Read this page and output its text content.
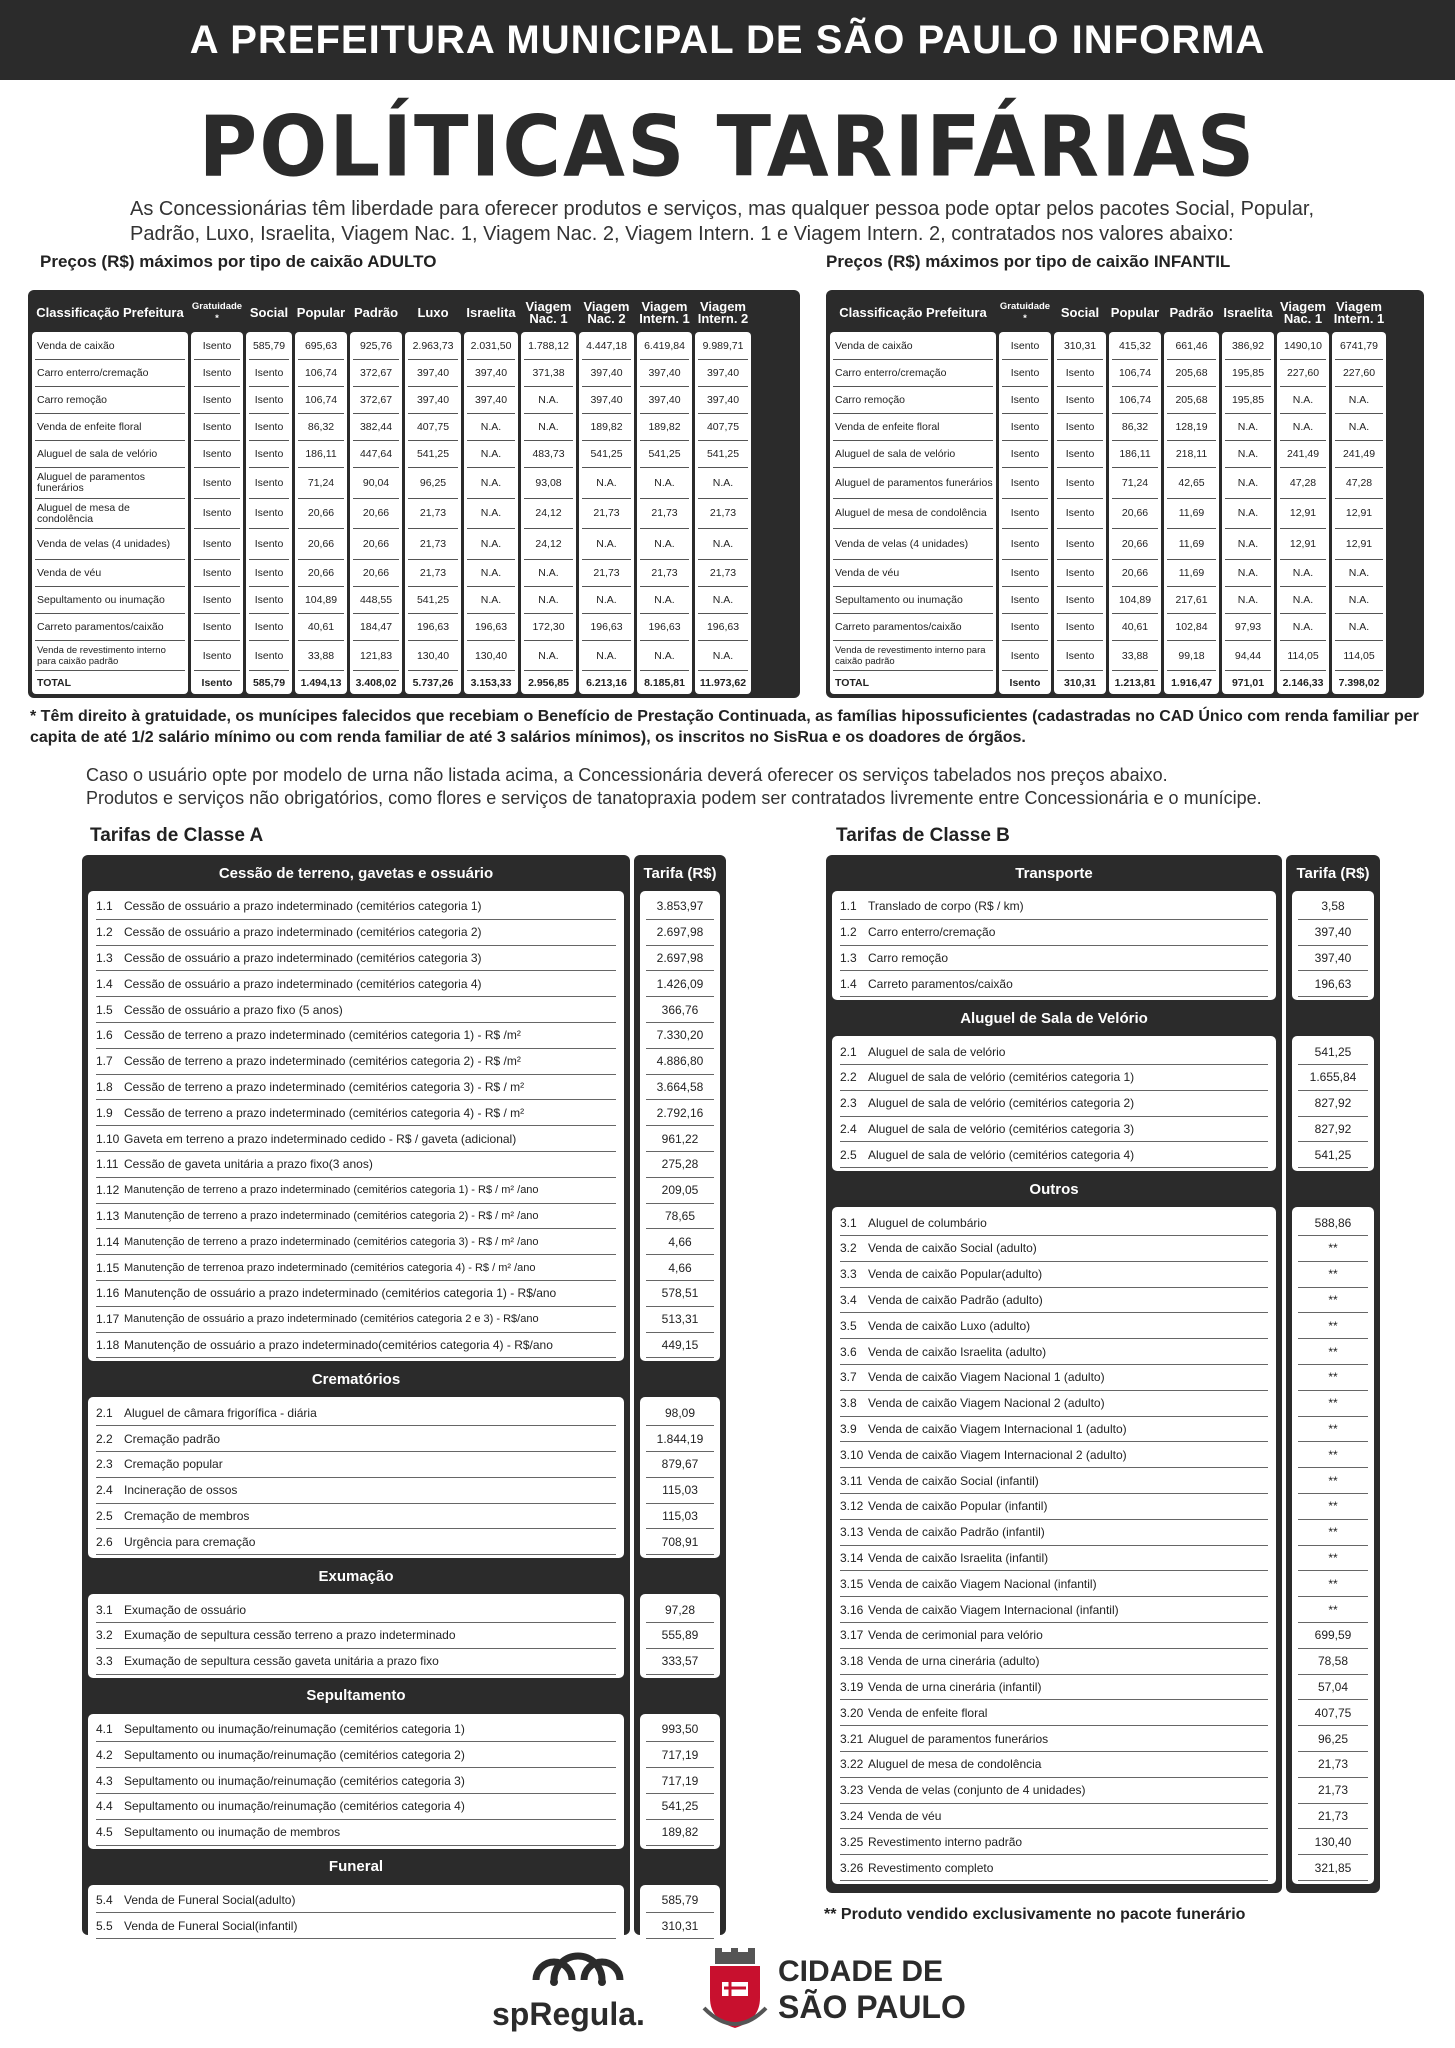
A PREFEITURA MUNICIPAL DE SÃO PAULO INFORMA
POLÍTICAS TARIFÁRIAS
As Concessionárias têm liberdade para oferecer produtos e serviços, mas qualquer pessoa pode optar pelos pacotes Social, Popular, Padrão, Luxo, Israelita, Viagem Nac. 1, Viagem Nac. 2, Viagem Intern. 1 e Viagem Intern. 2, contratados nos valores abaixo:
Preços (R$) máximos por tipo de caixão ADULTO	Preços (R$) máximos por tipo de caixão INFANTIL
Classificação Prefeitura
Venda de caixão
Carro enterro/cremação
Carro remoção
Venda de enfeite floral
Aluguel de sala de velório
Aluguel de paramentos funerários
Aluguel de mesa de condolência
Venda de velas (4 unidades)
Venda de véu
Sepultamento ou inumação
Carreto paramentos/caixão
Venda de revestimento interno para caixão padrão
TOTAL
Gratuidade
*
Isento
Isento
Isento
Isento
Isento
Isento
Isento
Isento
Isento
Isento
Isento
Isento
Isento
Social
585,79
Isento
Isento
Isento
Isento
Isento
Isento
Isento
Isento
Isento
Isento
Isento
585,79
Popular
695,63
106,74
106,74
86,32
186,11
71,24
20,66
20,66
20,66
104,89
40,61
33,88
1.494,13
Padrão
925,76
372,67
372,67
382,44
447,64
90,04
20,66
20,66
20,66
448,55
184,47
121,83
3.408,02
Luxo
2.963,73
397,40
397,40
407,75
541,25
96,25
21,73
21,73
21,73
541,25
196,63
130,40
5.737,26
Israelita
2.031,50
397,40
397,40
N.A.
N.A.
N.A.
N.A.
N.A.
N.A.
N.A.
196,63
130,40
3.153,33
Viagem
Nac. 1
1.788,12
371,38
N.A.
N.A.
483,73
93,08
24,12
24,12
N.A.
N.A.
172,30
N.A.
2.956,85
Viagem
Nac. 2
4.447,18
397,40
397,40
189,82
541,25
N.A.
21,73
N.A.
21,73
N.A.
196,63
N.A.
6.213,16
Viagem
Intern. 1
6.419,84
397,40
397,40
189,82
541,25
N.A.
21,73
N.A.
21,73
N.A.
196,63
N.A.
8.185,81
Viagem
Intern. 2
9.989,71
397,40
397,40
407,75
541,25
N.A.
21,73
N.A.
21,73
N.A.
196,63
N.A.
11.973,62
Classificação Prefeitura
Venda de caixão
Carro enterro/cremação
Carro remoção
Venda de enfeite floral
Aluguel de sala de velório
Aluguel de paramentos funerários
Aluguel de mesa de condolência
Venda de velas (4 unidades)
Venda de véu
Sepultamento ou inumação
Carreto paramentos/caixão
Venda de revestimento interno para caixão padrão
TOTAL
Gratuidade
*
Isento
Isento
Isento
Isento
Isento
Isento
Isento
Isento
Isento
Isento
Isento
Isento
Isento
Social
310,31
Isento
Isento
Isento
Isento
Isento
Isento
Isento
Isento
Isento
Isento
Isento
310,31
Popular
415,32
106,74
106,74
86,32
186,11
71,24
20,66
20,66
20,66
104,89
40,61
33,88
1.213,81
Padrão
661,46
205,68
205,68
128,19
218,11
42,65
11,69
11,69
11,69
217,61
102,84
99,18
1.916,47
Israelita
386,92
195,85
195,85
N.A.
N.A.
N.A.
N.A.
N.A.
N.A.
N.A.
97,93
94,44
971,01
Viagem
Nac. 1
1490,10
227,60
N.A.
N.A.
241,49
47,28
12,91
12,91
N.A.
N.A.
N.A.
114,05
2.146,33
Viagem
Intern. 1
6741,79
227,60
N.A.
N.A.
241,49
47,28
12,91
12,91
N.A.
N.A.
N.A.
114,05
7.398,02
* Têm direito à gratuidade, os munícipes falecidos que recebiam o Benefício de Prestação Continuada, as famílias hipossuficientes (cadastradas no CAD Único com renda familiar per capita de até 1/2 salário mínimo ou com renda familiar de até 3 salários mínimos), os inscritos no SisRua e os doadores de órgãos.
Caso o usuário opte por modelo de urna não listada acima, a Concessionária deverá oferecer os serviços tabelados nos preços abaixo.
Produtos e serviços não obrigatórios, como flores e serviços de tanatopraxia podem ser contratados livremente entre Concessionária e o munícipe.
Tarifas de Classe A	Tarifas de Classe B
Cessão de terreno, gavetas e ossuário
1.1 Cessão de ossuário a prazo indeterminado (cemitérios categoria 1)
1.2 Cessão de ossuário a prazo indeterminado (cemitérios categoria 2)
1.3 Cessão de ossuário a prazo indeterminado (cemitérios categoria 3)
1.4 Cessão de ossuário a prazo indeterminado (cemitérios categoria 4)
1.5 Cessão de ossuário a prazo fixo (5 anos)
1.6 Cessão de terreno a prazo indeterminado (cemitérios categoria 1) - R$ /m²
1.7 Cessão de terreno a prazo indeterminado (cemitérios categoria 2) - R$ /m²
1.8 Cessão de terreno a prazo indeterminado (cemitérios categoria 3) - R$ / m²
1.9 Cessão de terreno a prazo indeterminado (cemitérios categoria 4) - R$ / m²
1.10 Gaveta em terreno a prazo indeterminado cedido - R$ / gaveta (adicional)
1.11 Cessão de gaveta unitária a prazo fixo(3 anos)
1.12 Manutenção de terreno a prazo indeterminado (cemitérios categoria 1) - R$ / m² /ano
1.13 Manutenção de terreno a prazo indeterminado (cemitérios categoria 2) - R$ / m² /ano
1.14 Manutenção de terreno a prazo indeterminado (cemitérios categoria 3) - R$ / m² /ano
1.15 Manutenção de terrenoa prazo indeterminado (cemitérios categoria 4) - R$ / m² /ano
1.16 Manutenção de ossuário a prazo indeterminado (cemitérios categoria 1) - R$/ano
1.17 Manutenção de ossuário a prazo indeterminado (cemitérios categoria 2 e 3) - R$/ano
1.18 Manutenção de ossuário a prazo indeterminado(cemitérios categoria 4) - R$/ano
Crematórios
2.1 Aluguel de câmara frigorífica - diária
2.2 Cremação padrão
2.3 Cremação popular
2.4 Incineração de ossos
2.5 Cremação de membros
2.6 Urgência para cremação
Exumação
3.1 Exumação de ossuário
3.2 Exumação de sepultura cessão terreno a prazo indeterminado
3.3 Exumação de sepultura cessão gaveta unitária a prazo fixo
Sepultamento
4.1 Sepultamento ou inumação/reinumação (cemitérios categoria 1)
4.2 Sepultamento ou inumação/reinumação (cemitérios categoria 2)
4.3 Sepultamento ou inumação/reinumação (cemitérios categoria 3)
4.4 Sepultamento ou inumação/reinumação (cemitérios categoria 4)
4.5 Sepultamento ou inumação de membros
Funeral
5.4 Venda de Funeral Social(adulto)
5.5 Venda de Funeral Social(infantil)
Tarifa (R$)
3.853,97
2.697,98
2.697,98
1.426,09
366,76
7.330,20
4.886,80
3.664,58
2.792,16
961,22
275,28
209,05
78,65
4,66
4,66
578,51
513,31
449,15
98,09
1.844,19
879,67
115,03
115,03
708,91
97,28
555,89
333,57
993,50
717,19
717,19
541,25
189,82
585,79
310,31
Transporte
1.1 Translado de corpo (R$ / km)
1.2 Carro enterro/cremação
1.3 Carro remoção
1.4 Carreto paramentos/caixão
Aluguel de Sala de Velório
2.1 Aluguel de sala de velório
2.2 Aluguel de sala de velório (cemitérios categoria 1)
2.3 Aluguel de sala de velório (cemitérios categoria 2)
2.4 Aluguel de sala de velório (cemitérios categoria 3)
2.5 Aluguel de sala de velório (cemitérios categoria 4)
Outros
3.1 Aluguel de columbário
3.2 Venda de caixão Social (adulto)
3.3 Venda de caixão Popular(adulto)
3.4 Venda de caixão Padrão (adulto)
3.5 Venda de caixão Luxo (adulto)
3.6 Venda de caixão Israelita (adulto)
3.7 Venda de caixão Viagem Nacional 1 (adulto)
3.8 Venda de caixão Viagem Nacional 2 (adulto)
3.9 Venda de caixão Viagem Internacional 1 (adulto)
3.10 Venda de caixão Viagem Internacional 2 (adulto)
3.11 Venda de caixão Social (infantil)
3.12 Venda de caixão Popular (infantil)
3.13 Venda de caixão Padrão (infantil)
3.14 Venda de caixão Israelita (infantil)
3.15 Venda de caixão Viagem Nacional (infantil)
3.16 Venda de caixão Viagem Internacional (infantil)
3.17 Venda de cerimonial para velório
3.18 Venda de urna cinerária (adulto)
3.19 Venda de urna cinerária (infantil)
3.20 Venda de enfeite floral
3.21 Aluguel de paramentos funerários
3.22 Aluguel de mesa de condolência
3.23 Venda de velas (conjunto de 4 unidades)
3.24 Venda de véu
3.25 Revestimento interno padrão
3.26 Revestimento completo
Tarifa (R$)
3,58
397,40
397,40
196,63
541,25
1.655,84
827,92
827,92
541,25
588,86
**
**
**
**
**
**
**
**
**
**
**
**
**
**
**
699,59
78,58
57,04
407,75
96,25
21,73
21,73
21,73
130,40
321,85
** Produto vendido exclusivamente no pacote funerário
spRegula.
CIDADE DE
SÃO PAULO
